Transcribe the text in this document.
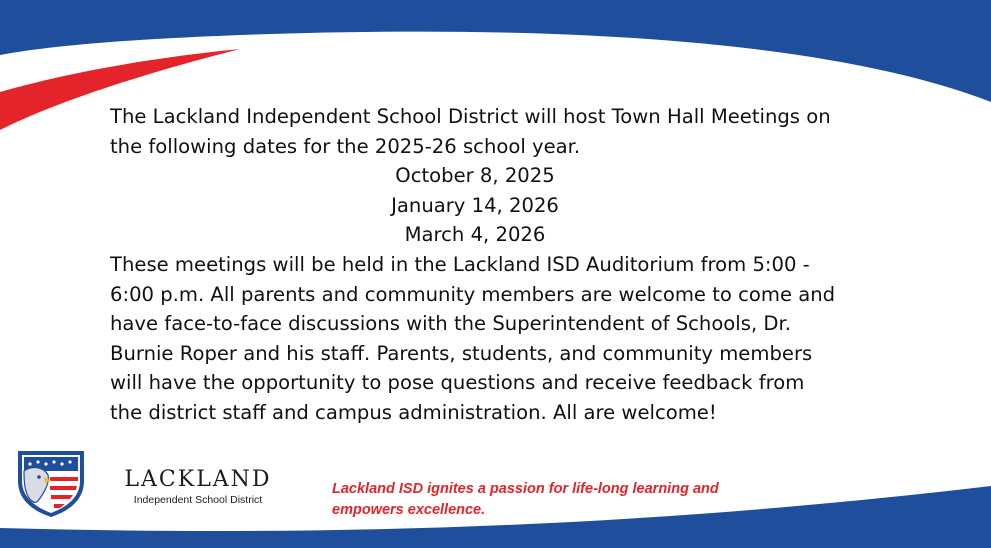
The Lackland Independent School District will host Town Hall Meetings on the following dates for the 2025-26 school year.

October 8, 2025
January 14, 2026
March 4, 2026

These meetings will be held in the Lackland ISD Auditorium from 5:00 - 6:00 p.m. All parents and community members are welcome to come and have face-to-face discussions with the Superintendent of Schools, Dr. Burnie Roper and his staff. Parents, students, and community members will have the opportunity to pose questions and receive feedback from the district staff and campus administration. All are welcome!

LACKLAND
Independent School District
Lackland ISD ignites a passion for life-long learning and
empowers excellence.
